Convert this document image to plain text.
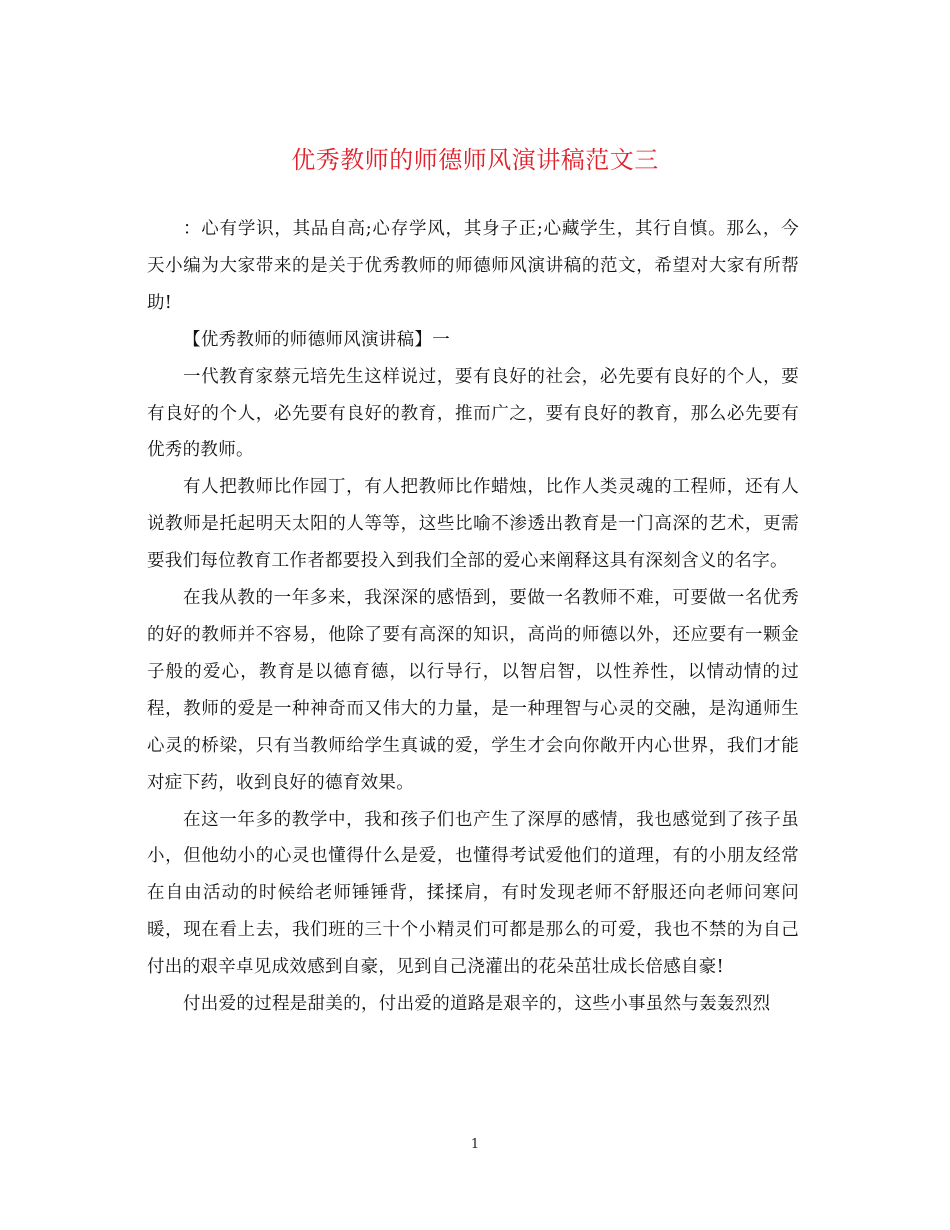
优秀教师的师德师风演讲稿范文三

：心有学识，其品自高;心存学风，其身子正;心藏学生，其行自慎。那么，今天小编为大家带来的是关于优秀教师的师德师风演讲稿的范文，希望对大家有所帮助!

【优秀教师的师德师风演讲稿】一

一代教育家蔡元培先生这样说过，要有良好的社会，必先要有良好的个人，要有良好的个人，必先要有良好的教育，推而广之，要有良好的教育，那么必先要有优秀的教师。

有人把教师比作园丁，有人把教师比作蜡烛，比作人类灵魂的工程师，还有人说教师是托起明天太阳的人等等，这些比喻不渗透出教育是一门高深的艺术，更需要我们每位教育工作者都要投入到我们全部的爱心来阐释这具有深刻含义的名字。

在我从教的一年多来，我深深的感悟到，要做一名教师不难，可要做一名优秀的好的教师并不容易，他除了要有高深的知识，高尚的师德以外，还应要有一颗金子般的爱心，教育是以德育德，以行导行，以智启智，以性养性，以情动情的过程，教师的爱是一种神奇而又伟大的力量，是一种理智与心灵的交融，是沟通师生心灵的桥梁，只有当教师给学生真诚的爱，学生才会向你敞开内心世界，我们才能对症下药，收到良好的德育效果。

在这一年多的教学中，我和孩子们也产生了深厚的感情，我也感觉到了孩子虽小，但他幼小的心灵也懂得什么是爱，也懂得考试爱他们的道理，有的小朋友经常在自由活动的时候给老师锤锤背，揉揉肩，有时发现老师不舒服还向老师问寒问暖，现在看上去，我们班的三十个小精灵们可都是那么的可爱，我也不禁的为自己付出的艰辛卓见成效感到自豪，见到自己浇灌出的花朵茁壮成长倍感自豪!

付出爱的过程是甜美的，付出爱的道路是艰辛的，这些小事虽然与轰轰烈烈

1
